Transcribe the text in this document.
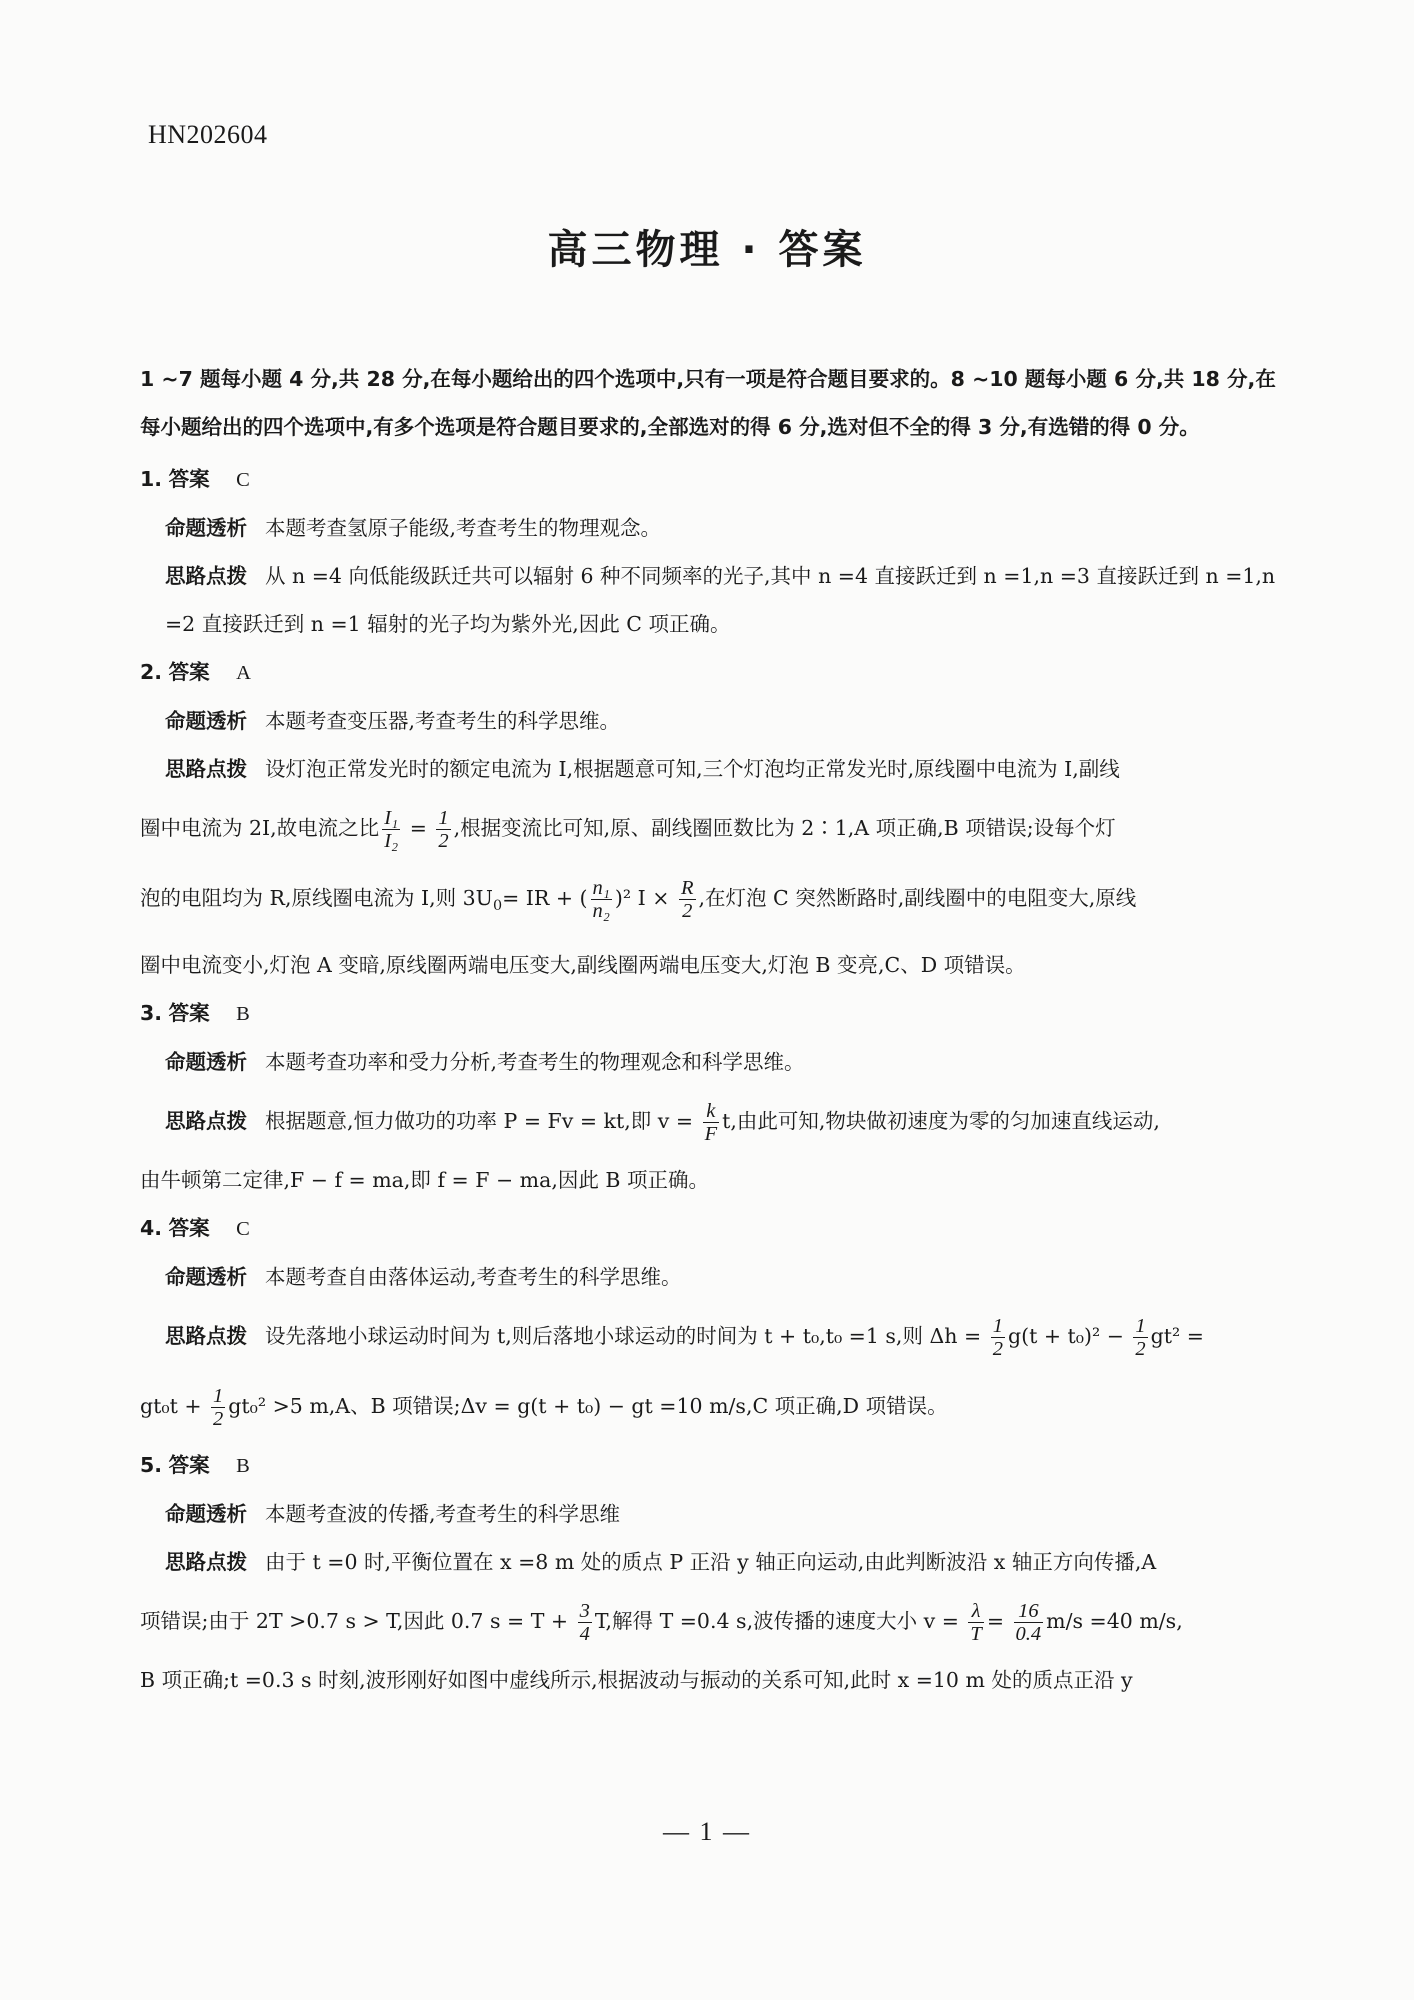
HN202604
高三物理 · 答案
1 ~7 题每小题 4 分,共 28 分,在每小题给出的四个选项中,只有一项是符合题目要求的。8 ~10 题每小题 6 分,共 18 分,在每小题给出的四个选项中,有多个选项是符合题目要求的,全部选对的得 6 分,选对但不全的得 3 分,有选错的得 0 分。
1. 答案 C
命题透析 本题考查氢原子能级,考查考生的物理观念。
思路点拨 从 n =4 向低能级跃迁共可以辐射 6 种不同频率的光子,其中 n =4 直接跃迁到 n =1,n =3 直接跃迁到 n =1,n =2 直接跃迁到 n =1 辐射的光子均为紫外光,因此 C 项正确。
2. 答案 A
命题透析 本题考查变压器,考查考生的科学思维。
思路点拨 设灯泡正常发光时的额定电流为 I,根据题意可知,三个灯泡均正常发光时,原线圈中电流为 I,副线
圈中电流为 2I,故电流之比 $\frac{\text{I₁}}{\text{I₂}} = \frac{1}{2}$ ,根据变流比可知,原、副线圈匝数比为 2∶1,A 项正确,B 项错误;设每个灯
泡的电阻均为 R,原线圈电流为 I,则 $3U_0=$ IR + ( $\frac{\text{n₁}}{\text{n₂}} )^2$ $I \times \frac{R}{2}$ ,在灯泡 C 突然断路时,副线圈中的电阻变大,原线
圈中电流变小,灯泡 A 变暗,原线圈两端电压变大,副线圈两端电压变大,灯泡 B 变亮,C、D 项错误。
3. 答案 B
命题透析 本题考查功率和受力分析,考查考生的物理观念和科学思维。
思路点拨 根据题意,恒力做功的功率 P = Fv = kt,即 $v = \frac{k}{F} t$,由此可知,物块做初速度为零的匀加速直线运动,
由牛顿第二定律,F − f = ma,即 f = F − ma,因此 B 项正确。
4. 答案 C
命题透析 本题考查自由落体运动,考查考生的科学思维。
思路点拨 设先落地小球运动时间为 t,则后落地小球运动的时间为 t + t₀,t₀ =1 s,则 $\Delta h = \frac{1}{2} g(t + t_0)^2 - \frac{1}{2} gt^2$ =
$gt_0t + \frac{1}{2} gt_0^2 >5$ m,A、B 项错误;Δv = g(t + t₀) − gt =10 m/s,C 项正确,D 项错误。
5. 答案 B
命题透析 本题考查波的传播,考查考生的科学思维
思路点拨 由于 t =0 时,平衡位置在 x =8 m 处的质点 P 正沿 y 轴正向运动,由此判断波沿 x 轴正方向传播,A
项错误;由于 2T >0.7 s > T,因此 0.7 $s = T + \frac{3}{4} T$,解得 T =0.4 s,波传播的速度大小 $v = \frac{\lambda}{T} = \frac{16}{0.4} m/s =40$ m/s,
B 项正确;t =0.3 s 时刻,波形刚好如图中虚线所示,根据波动与振动的关系可知,此时 x =10 m 处的质点正沿 y
— 1 —
